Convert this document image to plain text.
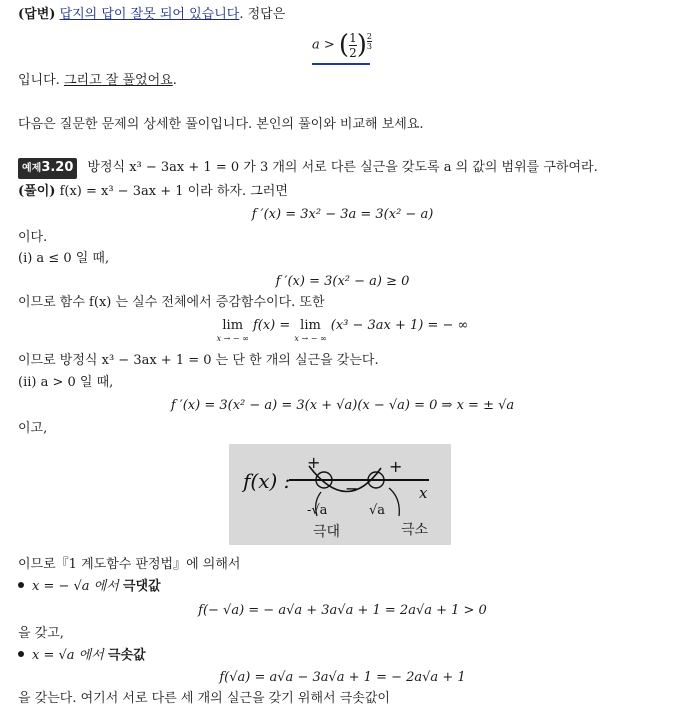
(답변) 답지의 답이 잘못 되어 있습니다. 정답은
a > ( $\frac{1}{2}$ ) $\frac{2}{3}$
입니다. 그리고 잘 풀었어요.
다음은 질문한 문제의 상세한 풀이입니다. 본인의 풀이와 비교해 보세요.
예제3.20 방정식 x³ − 3ax + 1 = 0 가 3 개의 서로 다른 실근을 갖도록 a 의 값의 범위를 구하여라.
(풀이) f(x) = x³ − 3ax + 1 이라 하자. 그러면
f ′(x) = 3x² − 3a = 3(x² − a)
이다.
(i) a ≤ 0 일 때,
f ′(x) = 3(x² − a) ≥ 0
이므로 함수 f(x) 는 실수 전체에서 증감함수이다. 또한
lim

x → − ∞
f(x) = lim

x → − ∞
(x³ − 3ax + 1) = − ∞
이므로 방정식 x³ − 3ax + 1 = 0 는 단 한 개의 실근을 갖는다.
(ii) a > 0 일 때,
f ′(x) = 3(x² − a) = 3(x + √a)(x − √a) = 0 ⇒ x = ± √a
이고,
f(x) :
+
−
+
x
-√a	√a
극대	극소
이므로『1 계도함수 판정법』에 의해서
x = − √a 에서 극댓값
f(− √a) = − a√a + 3a√a + 1 = 2a√a + 1 > 0
을 갖고,
x = √a 에서 극솟값
f(√a) = a√a − 3a√a + 1 = − 2a√a + 1
을 갖는다. 여기서 서로 다른 세 개의 실근을 갖기 위해서 극솟값이
